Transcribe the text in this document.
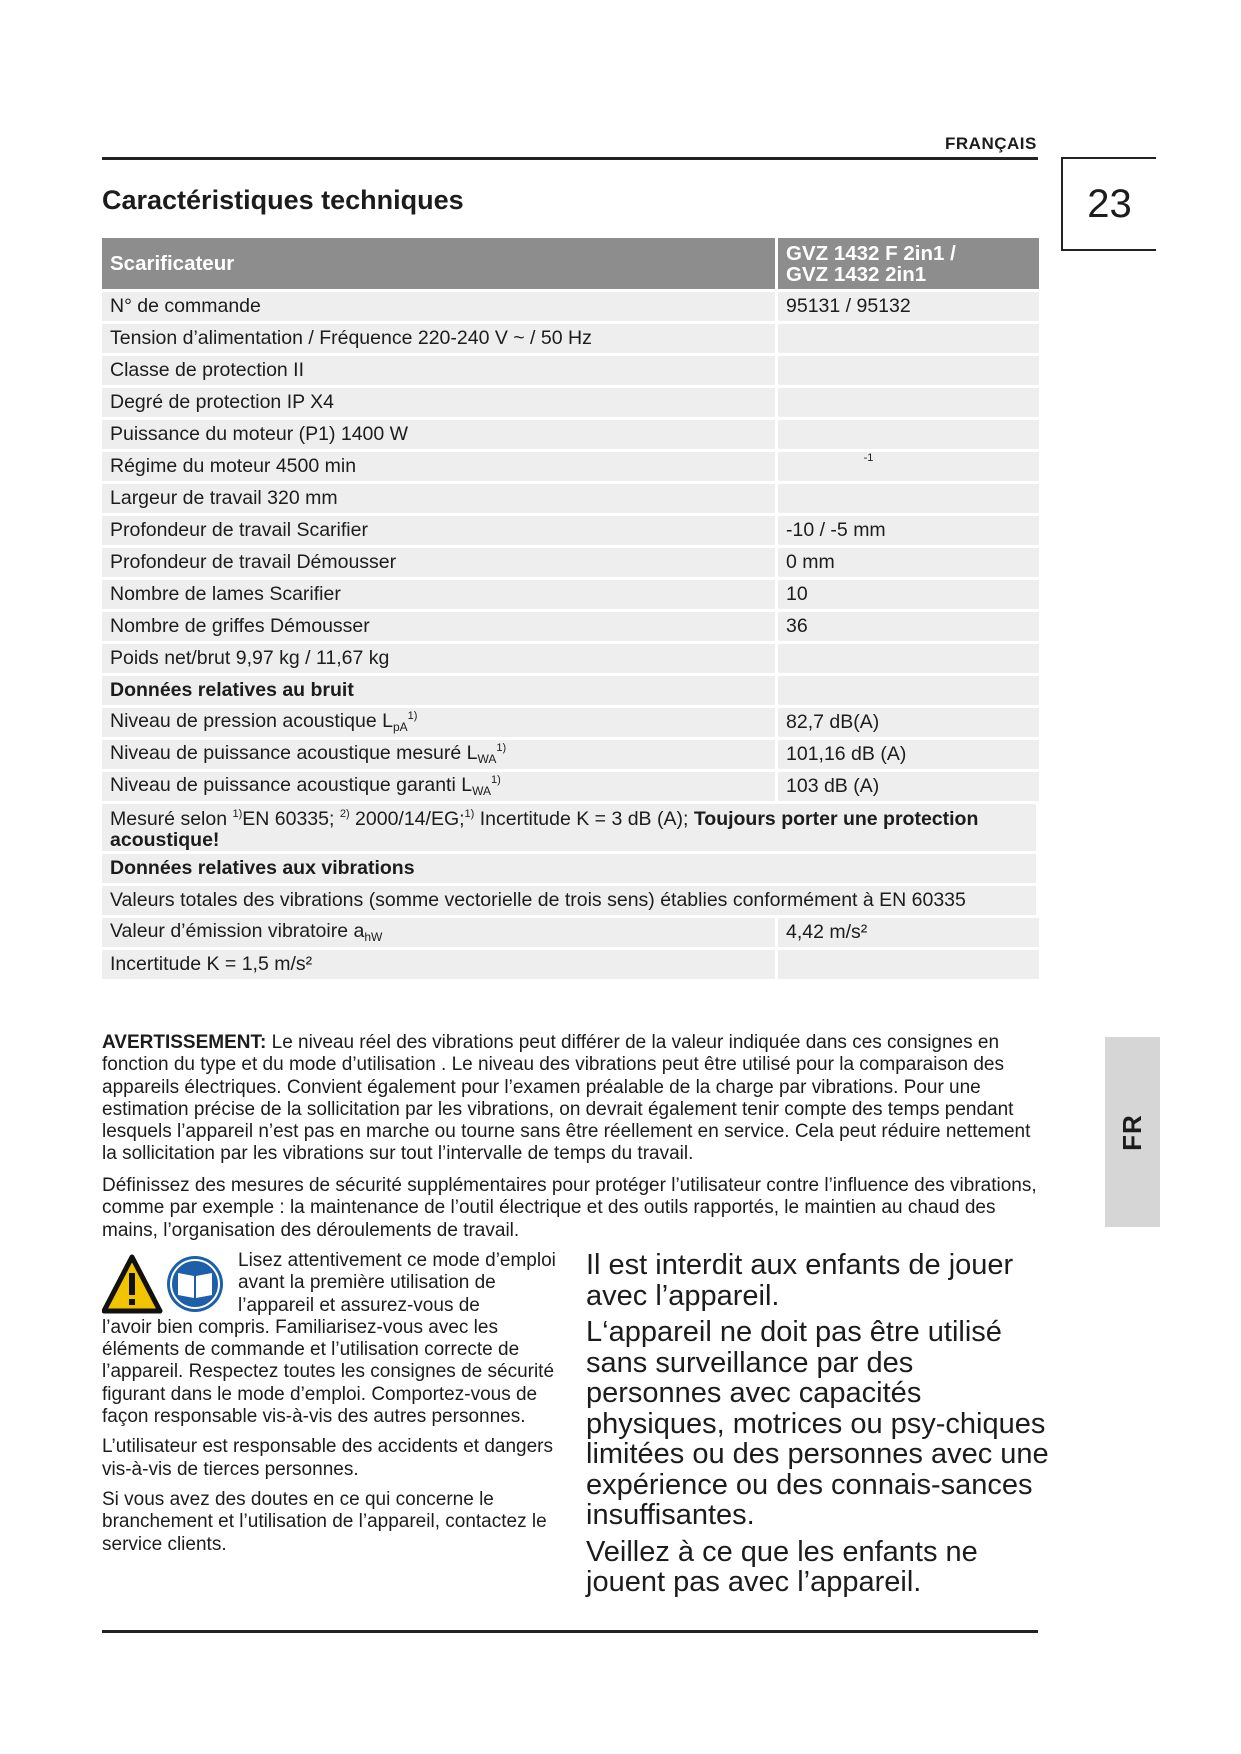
FRANÇAIS
23
Caractéristiques techniques
Scarificateur	GVZ 1432 F 2in1 /
GVZ 1432 2in1

N° de commande	95131 / 95132
Tension d’alimentation / Fréquence 220-240 V ~ / 50 Hz	
Classe de protection II	
Degré de protection IP X4	
Puissance du moteur (P1) 1400 W	
Régime du moteur 4500 min	-1

Largeur de travail 320 mm	
Profondeur de travail Scarifier	-10 / -5 mm
Profondeur de travail Démousser	0 mm
Nombre de lames Scarifier	10
Nombre de griffes Démousser	36
Poids net/brut 9,97 kg / 11,67 kg	
Données relatives au bruit	
Niveau de pression acoustique $L_{pA}^{1)}$	82,7 dB(A)
Niveau de puissance acoustique mesuré $L_{WA}^{1)}$	101,16 dB (A)
Niveau de puissance acoustique garanti $L_{WA}^{1)}$	103 dB (A)
Mesuré selon $^{1)}$EN 60335; $^{2)}$ 2000/14/EG;$^{1)}$ Incertitude K = 3 dB (A); Toujours porter une protection acoustique!	
Données relatives aux vibrations	
Valeurs totales des vibrations (somme vectorielle de trois sens) établies conformément à EN 60335	
Valeur d’émission vibratoire $a_{hW}$	4,42 m/s²
Incertitude K = 1,5 m/s²	

AVERTISSEMENT: Le niveau réel des vibrations peut différer de la valeur indiquée dans ces consignes en fonction du type et du mode d’utilisation . Le niveau des vibrations peut être utilisé pour la comparaison des appareils électriques. Convient également pour l’examen préalable de la charge par vibrations. Pour une estimation précise de la sollicitation par les vibrations, on devrait également tenir compte des temps pendant lesquels l’appareil n’est pas en marche ou tourne sans être réellement en service. Cela peut réduire nettement la sollicitation par les vibrations sur tout l’intervalle de temps du travail.

Définissez des mesures de sécurité supplémentaires pour protéger l’utilisateur contre l’influence des vibrations, comme par exemple : la maintenance de l’outil électrique et des outils rapportés, le maintien au chaud des mains, l’organisation des déroulements de travail.

Lisez attentivement ce mode d’emploi avant la première utilisation de l’appareil et assurez-vous de
l’avoir bien compris. Familiarisez-vous avec les éléments de commande et l’utilisation correcte de l’appareil. Respectez toutes les consignes de sécurité figurant dans le mode d’emploi. Comportez-vous de façon responsable vis-à-vis des autres personnes.

L’utilisateur est responsable des accidents et dangers vis-à-vis de tierces personnes.

Si vous avez des doutes en ce qui concerne le branchement et l’utilisation de l’appareil, contactez le service clients.

Il est interdit aux enfants de jouer avec l’appareil.

L‘appareil ne doit pas être utilisé sans surveillance par des personnes avec capacités physiques, motrices ou psy-chiques limitées ou des personnes avec une expérience ou des connais-sances insuffisantes.

Veillez à ce que les enfants ne jouent pas avec l’appareil.

FR
